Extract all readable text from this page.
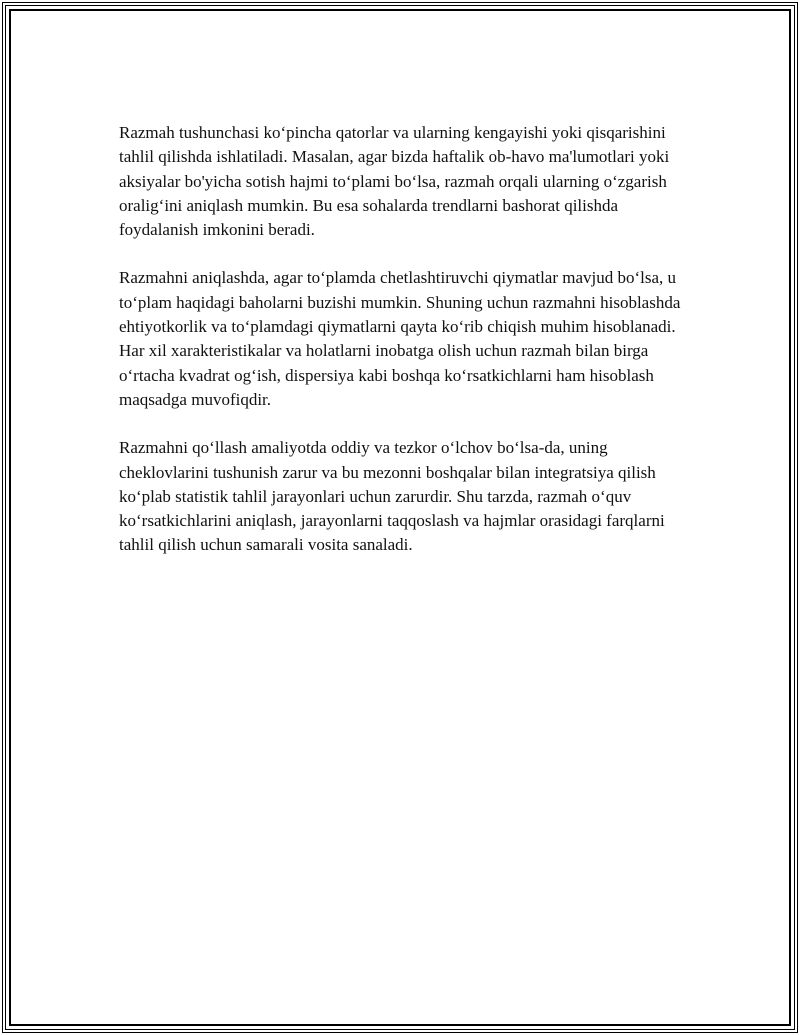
Razmah tushunchasi ko‘pincha qatorlar va ularning kengayishi yoki qisqarishini tahlil qilishda ishlatiladi. Masalan, agar bizda haftalik ob-havo ma'lumotlari yoki aksiyalar bo'yicha sotish hajmi to‘plami bo‘lsa, razmah orqali ularning o‘zgarish oralig‘ini aniqlash mumkin. Bu esa sohalarda trendlarni bashorat qilishda foydalanish imkonini beradi.

Razmahni aniqlashda, agar to‘plamda chetlashtiruvchi qiymatlar mavjud bo‘lsa, u to‘plam haqidagi baholarni buzishi mumkin. Shuning uchun razmahni hisoblashda ehtiyotkorlik va to‘plamdagi qiymatlarni qayta ko‘rib chiqish muhim hisoblanadi. Har xil xarakteristikalar va holatlarni inobatga olish uchun razmah bilan birga o‘rtacha kvadrat og‘ish, dispersiya kabi boshqa ko‘rsatkichlarni ham hisoblash maqsadga muvofiqdir.

Razmahni qo‘llash amaliyotda oddiy va tezkor o‘lchov bo‘lsa-da, uning cheklovlarini tushunish zarur va bu mezonni boshqalar bilan integratsiya qilish ko‘plab statistik tahlil jarayonlari uchun zarurdir. Shu tarzda, razmah o‘quv ko‘rsatkichlarini aniqlash, jarayonlarni taqqoslash va hajmlar orasidagi farqlarni tahlil qilish uchun samarali vosita sanaladi.
